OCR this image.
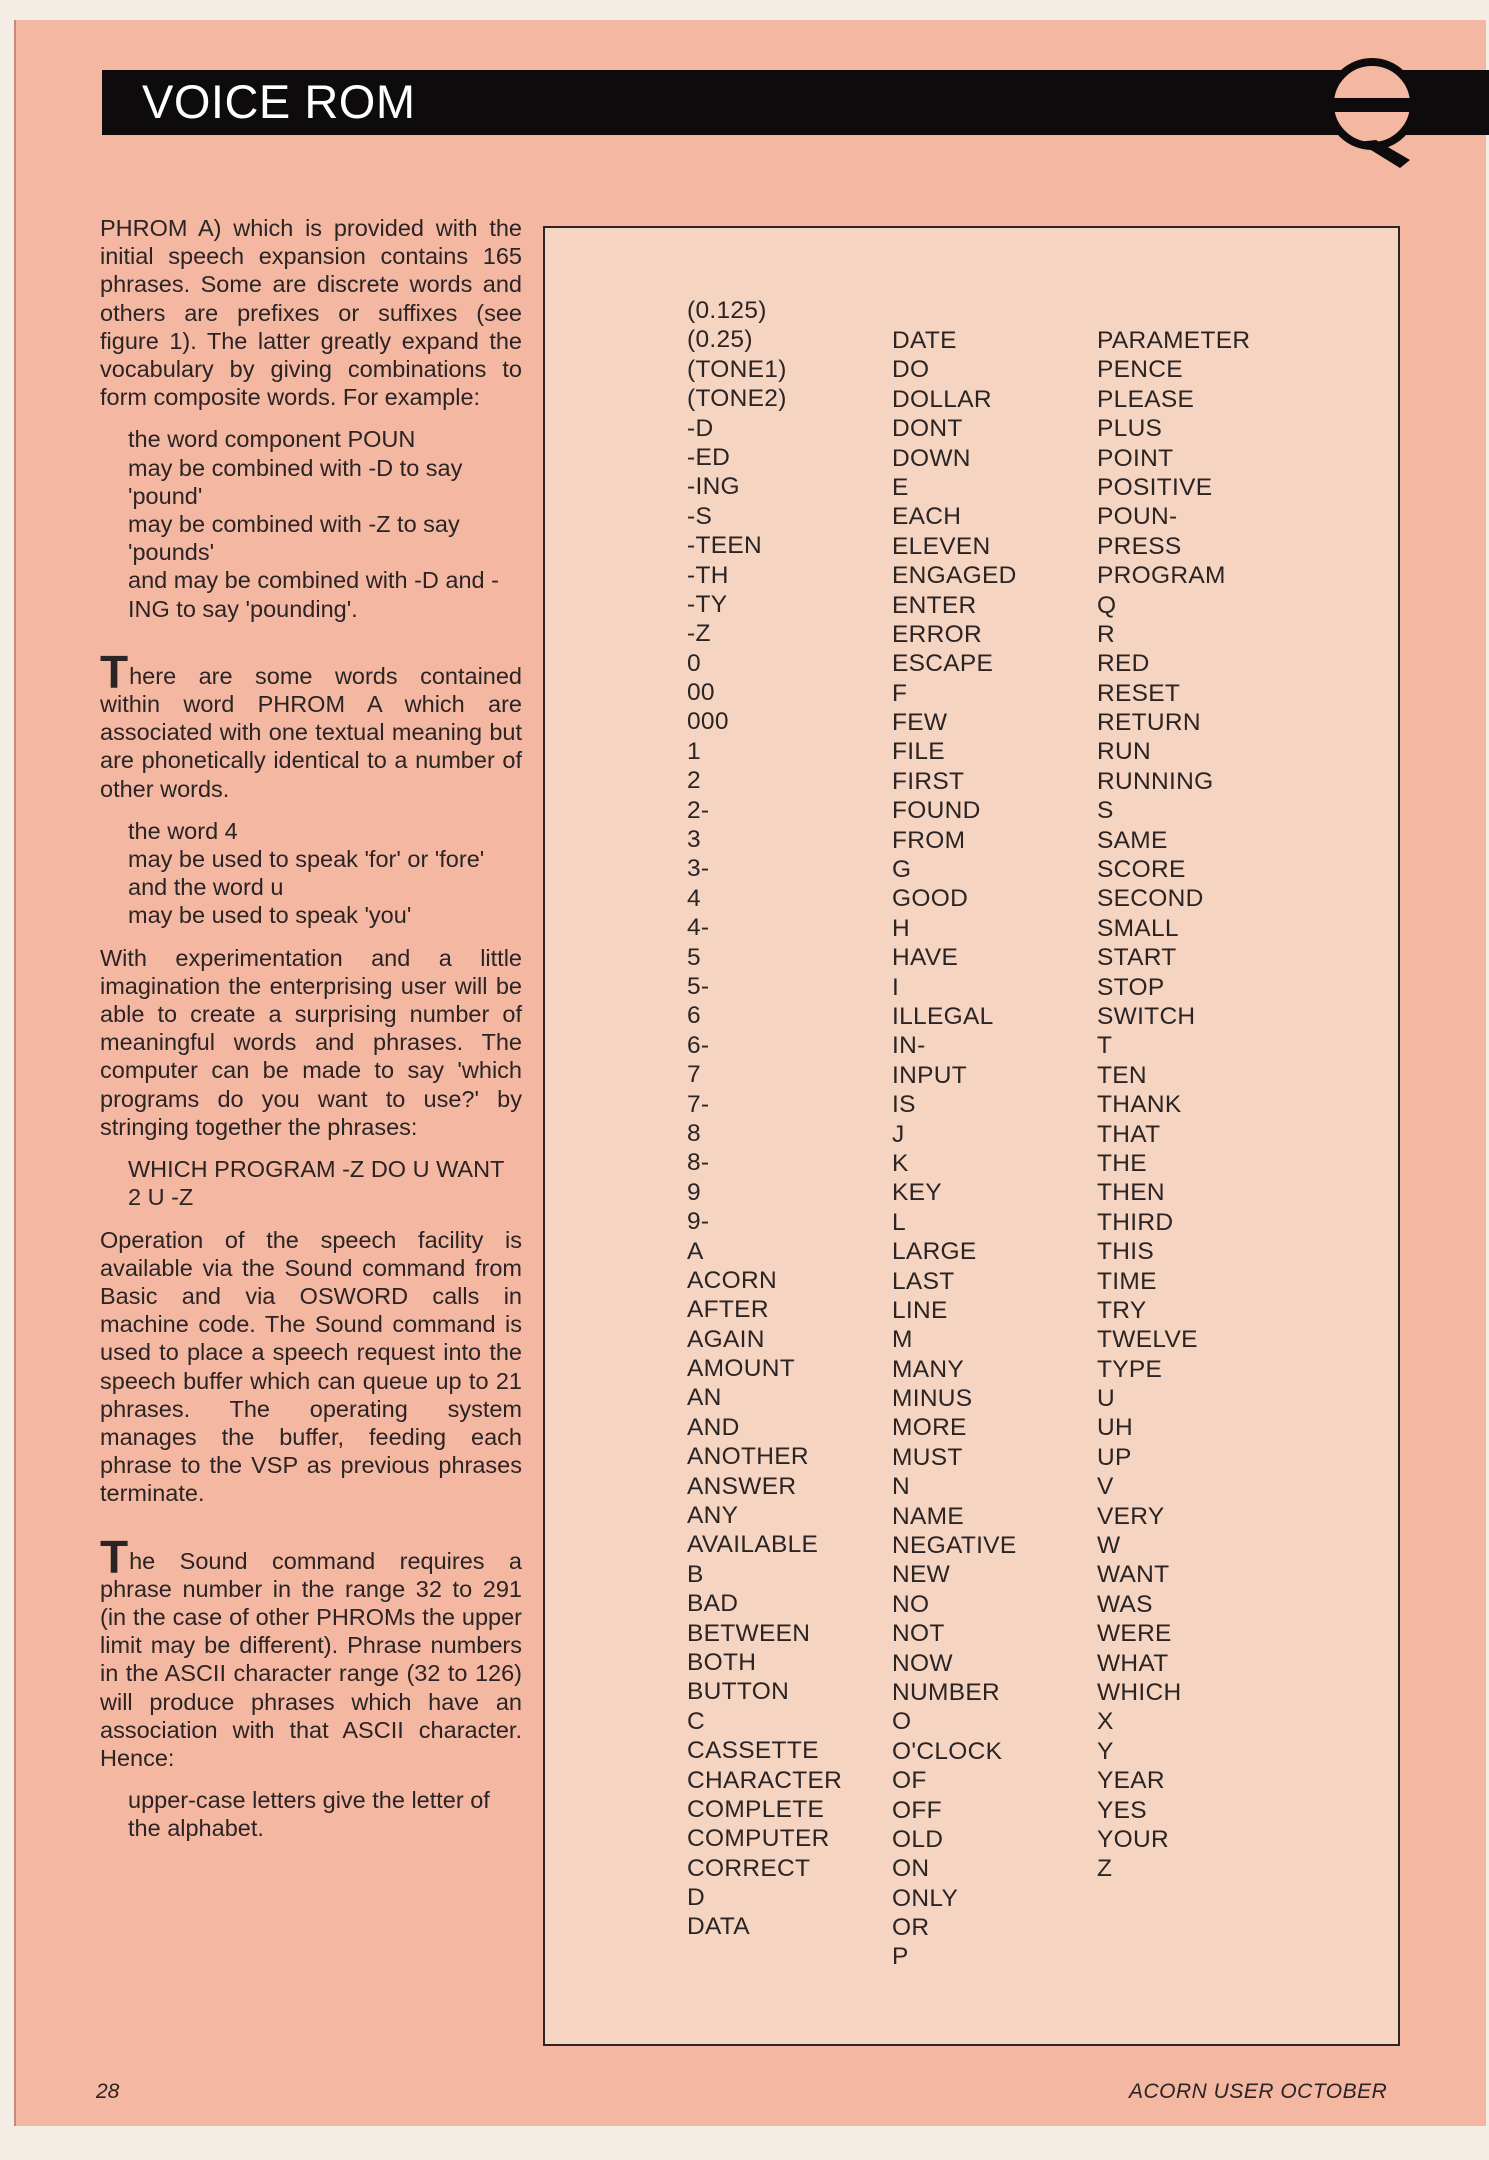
VOICE ROM

PHROM A) which is provided with the initial speech expansion contains 165 phrases. Some are discrete words and others are prefixes or suffixes (see figure 1). The latter greatly expand the vocabulary by giving combinations to form composite words. For example:

the word component POUN

may be combined with -D to say 'pound'

may be combined with -Z to say 'pounds'

and may be combined with -D and -ING to say 'pounding'.

There are some words contained within word PHROM A which are associated with one textual meaning but are phonetically identical to a number of other words.

the word 4

may be used to speak 'for' or 'fore'

and the word u

may be used to speak 'you'

With experimentation and a little imagination the enterprising user will be able to create a surprising number of meaningful words and phrases. The computer can be made to say 'which programs do you want to use?' by stringing together the phrases:

WHICH PROGRAM -Z DO U WANT 2 U -Z

Operation of the speech facility is available via the Sound command from Basic and via OSWORD calls in machine code. The Sound command is used to place a speech request into the speech buffer which can queue up to 21 phrases. The operating system manages the buffer, feeding each phrase to the VSP as previous phrases terminate.

The Sound command requires a phrase number in the range 32 to 291 (in the case of other PHROMs the upper limit may be different). Phrase numbers in the ASCII character range (32 to 126) will produce phrases which have an association with that ASCII character. Hence:

upper-case letters give the letter of the alphabet.

(0.125)
(0.25)
(TONE1)
(TONE2)
-D
-ED
-ING
-S
-TEEN
-TH
-TY
-Z
0
00
000
1
2
2-
3
3-
4
4-
5
5-
6
6-
7
7-
8
8-
9
9-
A
ACORN
AFTER
AGAIN
AMOUNT
AN
AND
ANOTHER
ANSWER
ANY
AVAILABLE
B
BAD
BETWEEN
BOTH
BUTTON
C
CASSETTE
CHARACTER
COMPLETE
COMPUTER
CORRECT
D
DATA
DATE
DO
DOLLAR
DONT
DOWN
E
EACH
ELEVEN
ENGAGED
ENTER
ERROR
ESCAPE
F
FEW
FILE
FIRST
FOUND
FROM
G
GOOD
H
HAVE
I
ILLEGAL
IN-
INPUT
IS
J
K
KEY
L
LARGE
LAST
LINE
M
MANY
MINUS
MORE
MUST
N
NAME
NEGATIVE
NEW
NO
NOT
NOW
NUMBER
O
O'CLOCK
OF
OFF
OLD
ON
ONLY
OR
P
PARAMETER
PENCE
PLEASE
PLUS
POINT
POSITIVE
POUN-
PRESS
PROGRAM
Q
R
RED
RESET
RETURN
RUN
RUNNING
S
SAME
SCORE
SECOND
SMALL
START
STOP
SWITCH
T
TEN
THANK
THAT
THE
THEN
THIRD
THIS
TIME
TRY
TWELVE
TYPE
U
UH
UP
V
VERY
W
WANT
WAS
WERE
WHAT
WHICH
X
Y
YEAR
YES
YOUR
Z
28	ACORN USER OCTOBER
